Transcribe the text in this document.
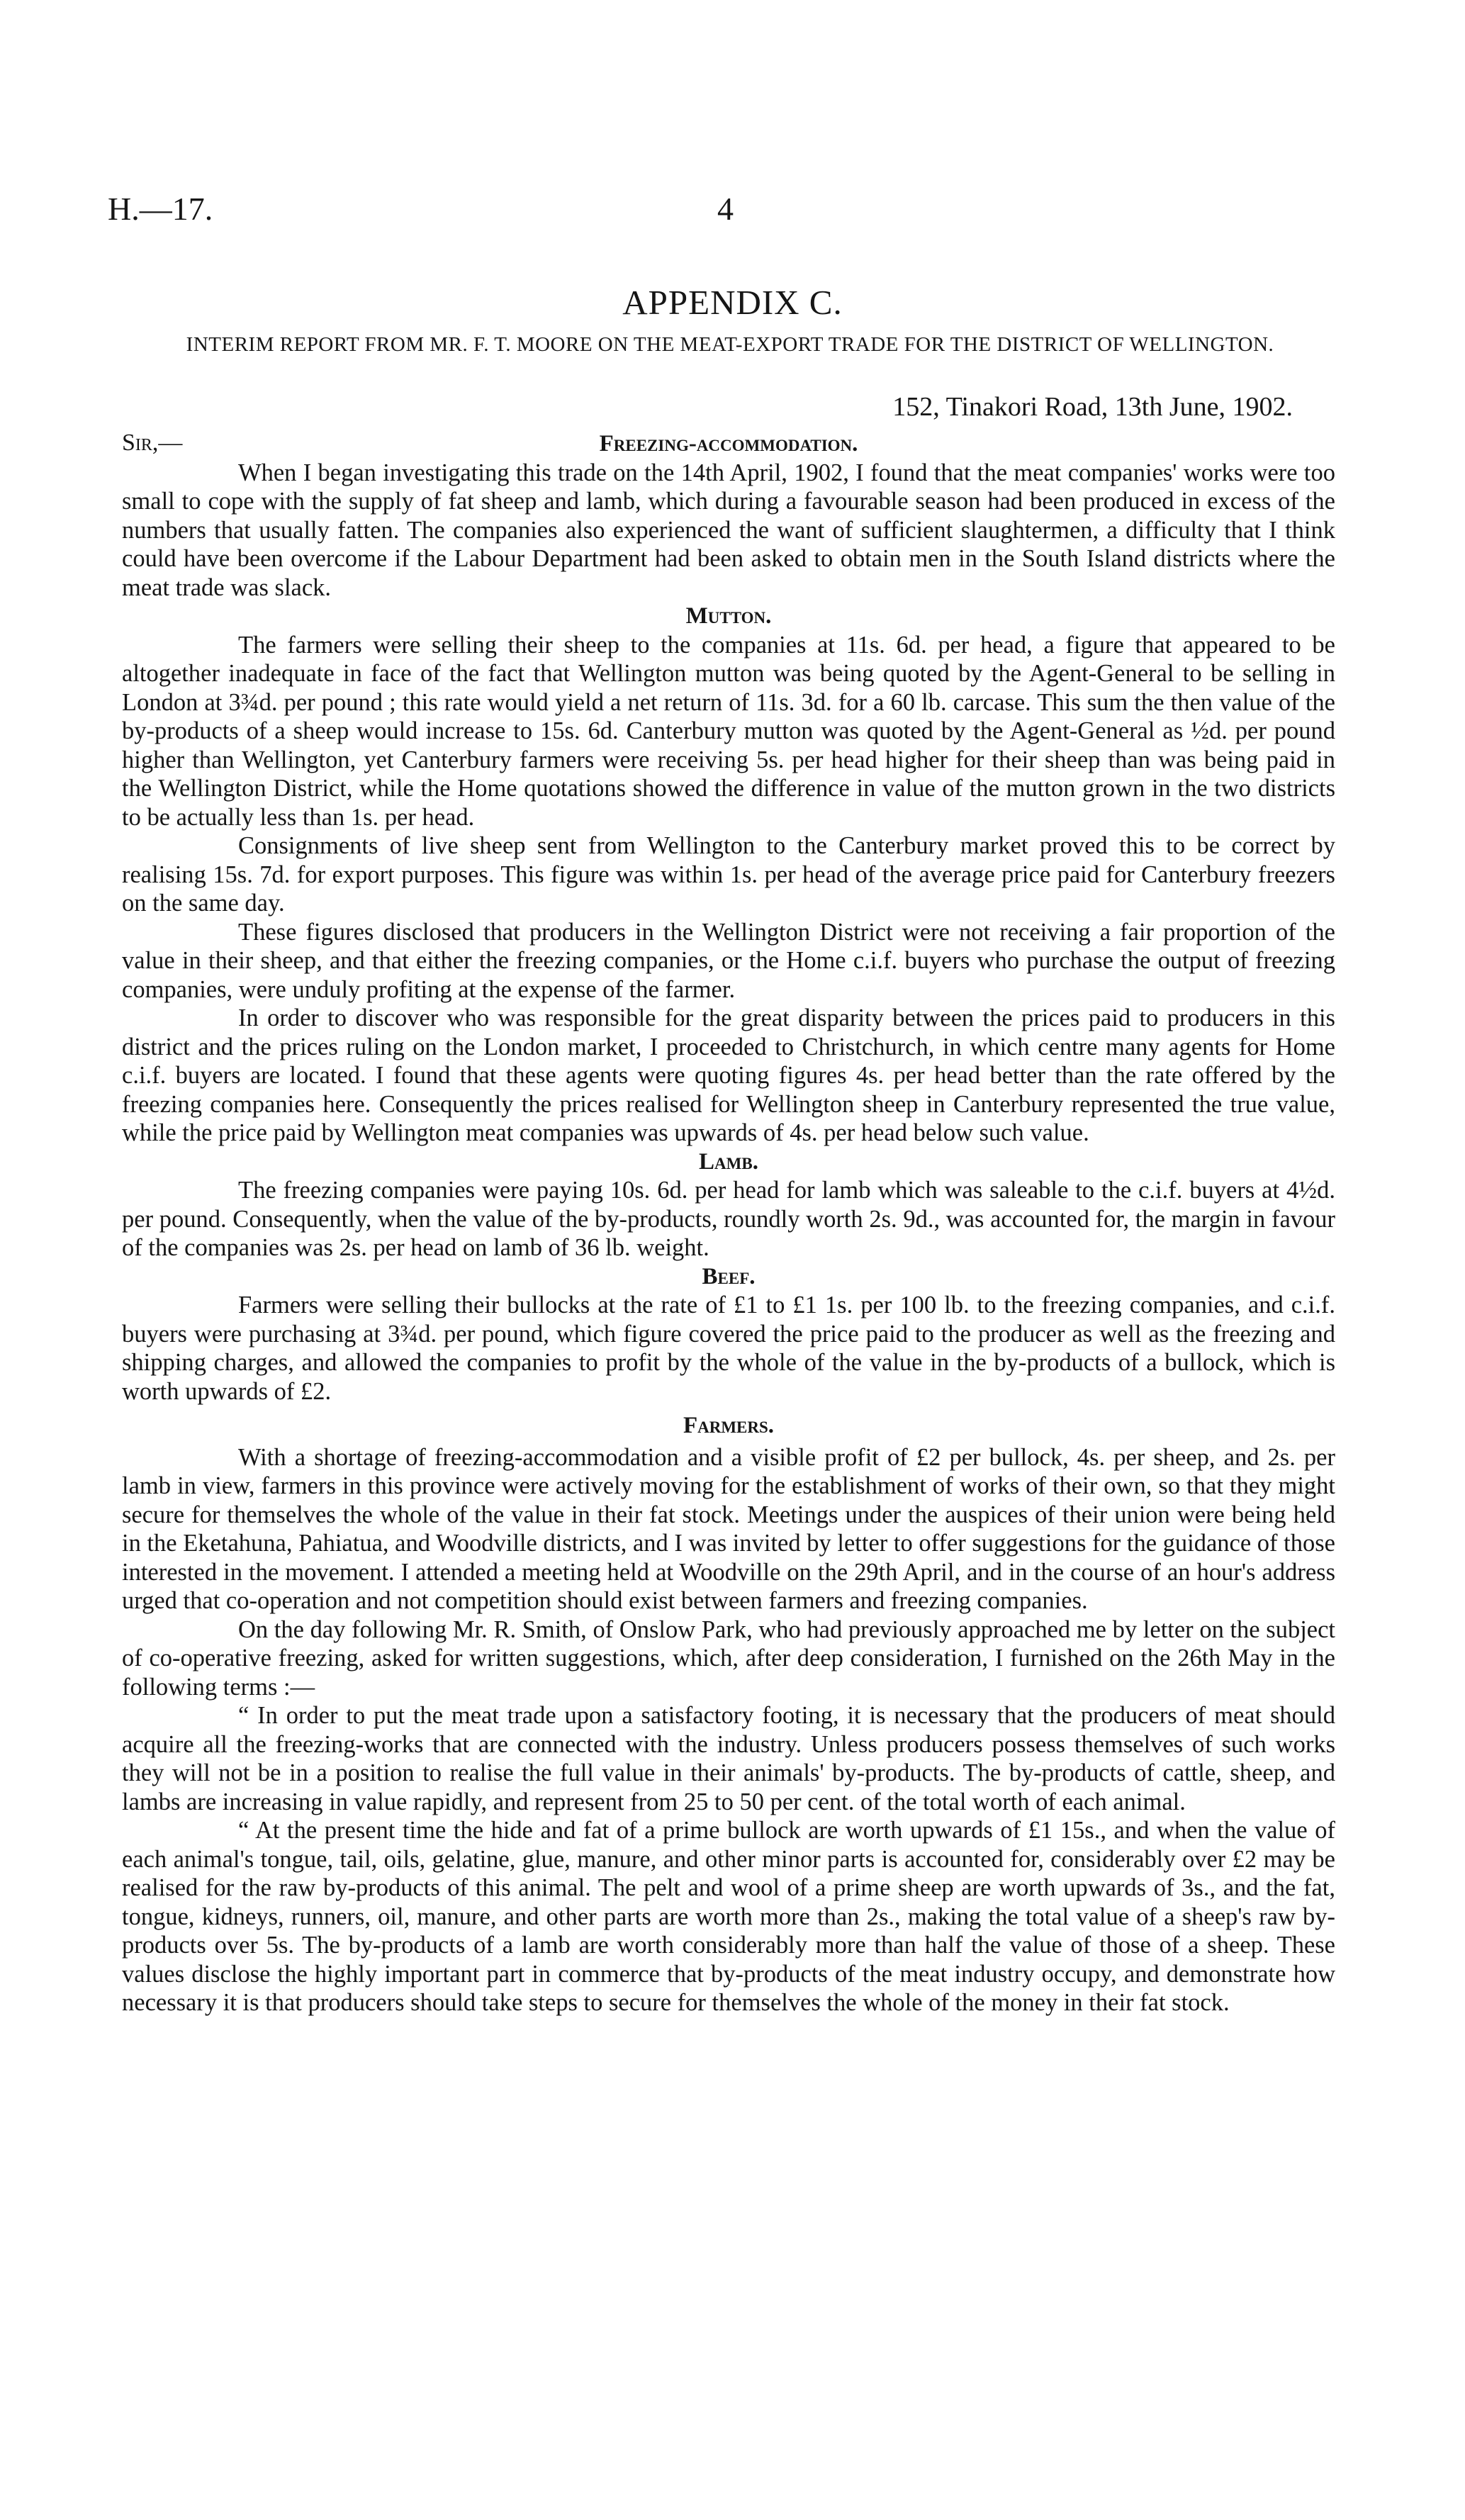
H.—17.	4
APPENDIX C.
INTERIM REPORT FROM MR. F. T. MOORE ON THE MEAT-EXPORT TRADE FOR THE DISTRICT OF WELLINGTON.
152, Tinakori Road, 13th June, 1902.
Sir,—	Freezing-accommodation.

When I began investigating this trade on the 14th April, 1902, I found that the meat companies' works were too small to cope with the supply of fat sheep and lamb, which during a favourable season had been produced in excess of the numbers that usually fatten. The companies also experienced the want of sufficient slaughtermen, a difficulty that I think could have been overcome if the Labour Department had been asked to obtain men in the South Island districts where the meat trade was slack.

Mutton.

The farmers were selling their sheep to the companies at 11s. 6d. per head, a figure that appeared to be altogether inadequate in face of the fact that Wellington mutton was being quoted by the Agent-General to be selling in London at 3¾d. per pound ; this rate would yield a net return of 11s. 3d. for a 60 lb. carcase. This sum the then value of the by-products of a sheep would increase to 15s. 6d. Canterbury mutton was quoted by the Agent-General as ½d. per pound higher than Wellington, yet Canterbury farmers were receiving 5s. per head higher for their sheep than was being paid in the Wellington District, while the Home quotations showed the difference in value of the mutton grown in the two districts to be actually less than 1s. per head.

Consignments of live sheep sent from Wellington to the Canterbury market proved this to be correct by realising 15s. 7d. for export purposes. This figure was within 1s. per head of the average price paid for Canterbury freezers on the same day.

These figures disclosed that producers in the Wellington District were not receiving a fair proportion of the value in their sheep, and that either the freezing companies, or the Home c.i.f. buyers who purchase the output of freezing companies, were unduly profiting at the expense of the farmer.

In order to discover who was responsible for the great disparity between the prices paid to producers in this district and the prices ruling on the London market, I proceeded to Christchurch, in which centre many agents for Home c.i.f. buyers are located. I found that these agents were quoting figures 4s. per head better than the rate offered by the freezing companies here. Consequently the prices realised for Wellington sheep in Canterbury represented the true value, while the price paid by Wellington meat companies was upwards of 4s. per head below such value.

Lamb.

The freezing companies were paying 10s. 6d. per head for lamb which was saleable to the c.i.f. buyers at 4½d. per pound. Consequently, when the value of the by-products, roundly worth 2s. 9d., was accounted for, the margin in favour of the companies was 2s. per head on lamb of 36 lb. weight.

Beef.

Farmers were selling their bullocks at the rate of £1 to £1 1s. per 100 lb. to the freezing companies, and c.i.f. buyers were purchasing at 3¾d. per pound, which figure covered the price paid to the producer as well as the freezing and shipping charges, and allowed the companies to profit by the whole of the value in the by-products of a bullock, which is worth upwards of £2.

Farmers.

With a shortage of freezing-accommodation and a visible profit of £2 per bullock, 4s. per sheep, and 2s. per lamb in view, farmers in this province were actively moving for the establishment of works of their own, so that they might secure for themselves the whole of the value in their fat stock. Meetings under the auspices of their union were being held in the Eketahuna, Pahiatua, and Woodville districts, and I was invited by letter to offer suggestions for the guidance of those interested in the movement. I attended a meeting held at Woodville on the 29th April, and in the course of an hour's address urged that co-operation and not competition should exist between farmers and freezing companies.

On the day following Mr. R. Smith, of Onslow Park, who had previously approached me by letter on the subject of co-operative freezing, asked for written suggestions, which, after deep consideration, I furnished on the 26th May in the following terms :—

“ In order to put the meat trade upon a satisfactory footing, it is necessary that the producers of meat should acquire all the freezing-works that are connected with the industry. Unless producers possess themselves of such works they will not be in a position to realise the full value in their animals' by-products. The by-products of cattle, sheep, and lambs are increasing in value rapidly, and represent from 25 to 50 per cent. of the total worth of each animal.

“ At the present time the hide and fat of a prime bullock are worth upwards of £1 15s., and when the value of each animal's tongue, tail, oils, gelatine, glue, manure, and other minor parts is accounted for, considerably over £2 may be realised for the raw by-products of this animal. The pelt and wool of a prime sheep are worth upwards of 3s., and the fat, tongue, kidneys, runners, oil, manure, and other parts are worth more than 2s., making the total value of a sheep's raw by-products over 5s. The by-products of a lamb are worth considerably more than half the value of those of a sheep. These values disclose the highly important part in commerce that by-products of the meat industry occupy, and demonstrate how necessary it is that producers should take steps to secure for themselves the whole of the money in their fat stock.
